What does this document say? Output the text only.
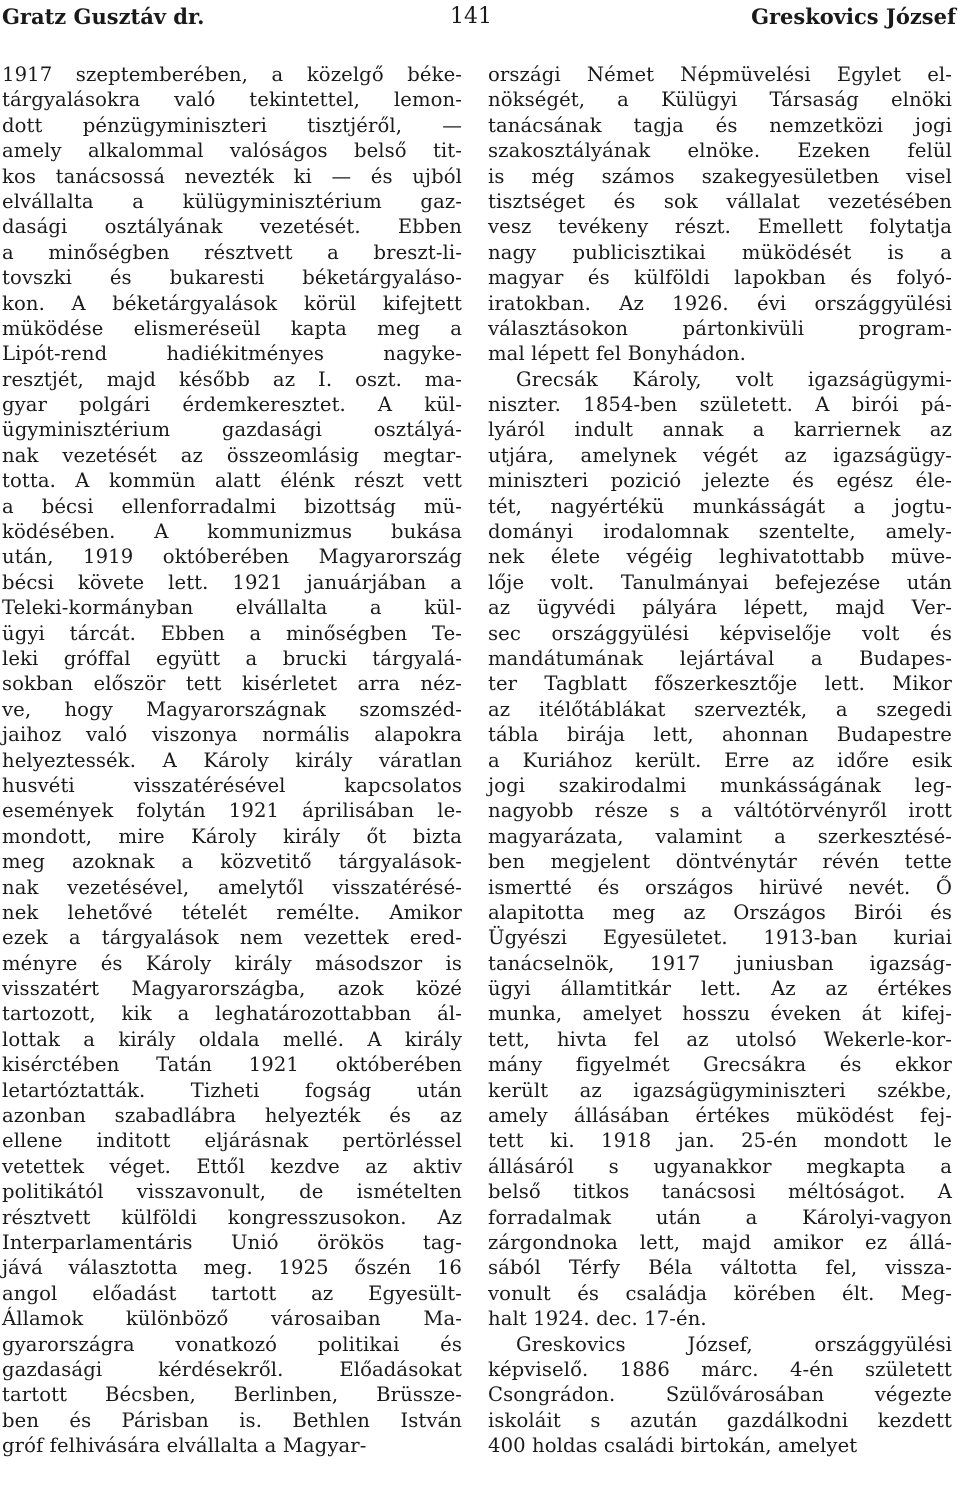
Gratz Gusztáv dr.	141	Greskovics József
1917 szeptemberében, a közelgő béke-
tárgyalásokra való tekintettel, lemon-
dott pénzügyminiszteri tisztjéről, —
amely alkalommal valóságos belső tit-
kos tanácsossá nevezték ki — és ujból
elvállalta a külügyminisztérium gaz-
dasági osztályának vezetését. Ebben
a minőségben résztvett a breszt-li-
tovszki és bukaresti béketárgyaláso-
kon. A béketárgyalások körül kifejtett
müködése elismeréseül kapta meg a
Lipót-rend hadiékitményes nagyke-
resztjét, majd később az I. oszt. ma-
gyar polgári érdemkeresztet. A kül-
ügyminisztérium gazdasági osztályá-
nak vezetését az összeomlásig megtar-
totta. A kommün alatt élénk részt vett
a bécsi ellenforradalmi bizottság mü-
ködésében. A kommunizmus bukása
után, 1919 októberében Magyarország
bécsi követe lett. 1921 januárjában a
Teleki-kormányban elvállalta a kül-
ügyi tárcát. Ebben a minőségben Te-
leki gróffal együtt a brucki tárgyalá-
sokban először tett kisérletet arra néz-
ve, hogy Magyarországnak szomszéd-
jaihoz való viszonya normális alapokra
helyeztessék. A Károly király váratlan
husvéti visszatérésével kapcsolatos
események folytán 1921 áprilisában le-
mondott, mire Károly király őt bizta
meg azoknak a közvetitő tárgyalások-
nak vezetésével, amelytől visszatérésé-
nek lehetővé tételét remélte. Amikor
ezek a tárgyalások nem vezettek ered-
ményre és Károly király másodszor is
visszatért Magyarországba, azok közé
tartozott, kik a leghatározottabban ál-
lottak a király oldala mellé. A király
kisérctében Tatán 1921 októberében
letartóztatták. Tizheti fogság után
azonban szabadlábra helyezték és az
ellene inditott eljárásnak pertörléssel
vetettek véget. Ettől kezdve az aktiv
politikától visszavonult, de ismételten
résztvett külföldi kongresszusokon. Az
Interparlamentáris Unió örökös tag-
jává választotta meg. 1925 őszén 16
angol előadást tartott az Egyesült-
Államok különböző városaiban Ma-
gyarországra vonatkozó politikai és
gazdasági kérdésekről. Előadásokat
tartott Bécsben, Berlinben, Brüssze-
ben és Párisban is. Bethlen István
gróf felhivására elvállalta a Magyar-
országi Német Népmüvelési Egylet el-
nökségét, a Külügyi Társaság elnöki
tanácsának tagja és nemzetközi jogi
szakosztályának elnöke. Ezeken felül
is még számos szakegyesületben visel
tisztséget és sok vállalat vezetésében
vesz tevékeny részt. Emellett folytatja
nagy publicisztikai müködését is a
magyar és külföldi lapokban és folyó-
iratokban. Az 1926. évi országgyülési
választásokon pártonkivüli program-
mal lépett fel Bonyhádon.
Grecsák Károly, volt igazságügymi-
niszter. 1854-ben született. A birói pá-
lyáról indult annak a karriernek az
utjára, amelynek végét az igazságügy-
miniszteri pozició jelezte és egész éle-
tét, nagyértékü munkásságát a jogtu-
dományi irodalomnak szentelte, amely-
nek élete végéig leghivatottabb müve-
lője volt. Tanulmányai befejezése után
az ügyvédi pályára lépett, majd Ver-
sec országgyülési képviselője volt és
mandátumának lejártával a Budapes-
ter Tagblatt főszerkesztője lett. Mikor
az itélőtáblákat szervezték, a szegedi
tábla birája lett, ahonnan Budapestre
a Kuriához került. Erre az időre esik
jogi szakirodalmi munkásságának leg-
nagyobb része s a váltótörvényről irott
magyarázata, valamint a szerkesztésé-
ben megjelent döntvénytár révén tette
ismertté és országos hirüvé nevét. Ő
alapitotta meg az Országos Birói és
Ügyészi Egyesületet. 1913-ban kuriai
tanácselnök, 1917 juniusban igazság-
ügyi államtitkár lett. Az az értékes
munka, amelyet hosszu éveken át kifej-
tett, hivta fel az utolsó Wekerle-kor-
mány figyelmét Grecsákra és ekkor
került az igazságügyminiszteri székbe,
amely állásában értékes müködést fej-
tett ki. 1918 jan. 25-én mondott le
állásáról s ugyanakkor megkapta a
belső titkos tanácsosi méltóságot. A
forradalmak után a Károlyi-vagyon
zárgondnoka lett, majd amikor ez állá-
sából Térfy Béla váltotta fel, vissza-
vonult és családja körében élt. Meg-
halt 1924. dec. 17-én.
Greskovics József, országgyülési
képviselő. 1886 márc. 4-én született
Csongrádon. Szülővárosában végezte
iskoláit s azután gazdálkodni kezdett
400 holdas családi birtokán, amelyet
